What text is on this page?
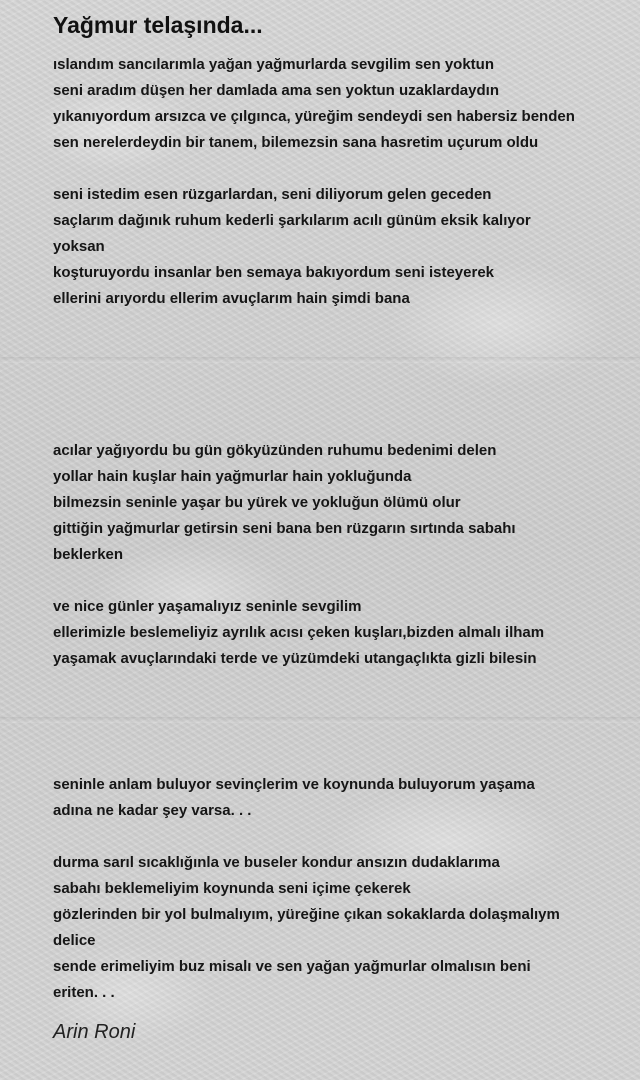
Yağmur telaşında...
ıslandım sancılarımla yağan yağmurlarda sevgilim sen yoktun
seni aradım düşen her damlada ama sen yoktun uzaklardaydın
yıkanıyordum arsızca ve çılgınca, yüreğim sendeydi sen habersiz benden
sen nerelerdeydin bir tanem, bilemezsin sana hasretim uçurum oldu
seni istedim esen rüzgarlardan, seni diliyorum gelen geceden
saçlarım dağınık ruhum kederli şarkılarım acılı günüm eksik kalıyor
yoksan
koşturuyordu insanlar ben semaya bakıyordum seni isteyerek
ellerini arıyordu ellerim avuçlarım hain şimdi bana
acılar yağıyordu bu gün gökyüzünden ruhumu bedenimi delen
yollar hain kuşlar hain yağmurlar hain yokluğunda
bilmezsin seninle yaşar bu yürek ve yokluğun ölümü olur
gittiğin yağmurlar getirsin seni bana ben rüzgarın sırtında sabahı
beklerken
ve nice günler yaşamalıyız seninle sevgilim
ellerimizle beslemeliyiz ayrılık acısı çeken kuşları,bizden almalı ilham
yaşamak avuçlarındaki terde ve yüzümdeki utangaçlıkta gizli bilesin
seninle anlam buluyor sevinçlerim ve koynunda buluyorum yaşama
adına ne kadar şey varsa. . .
durma sarıl sıcaklığınla ve buseler kondur ansızın dudaklarıma
sabahı beklemeliyim koynunda seni içime çekerek
gözlerinden bir yol bulmalıyım, yüreğine çıkan sokaklarda dolaşmalıym
delice
sende erimeliyim buz misalı ve sen yağan yağmurlar olmalısın beni
eriten. . .

Arin Roni
